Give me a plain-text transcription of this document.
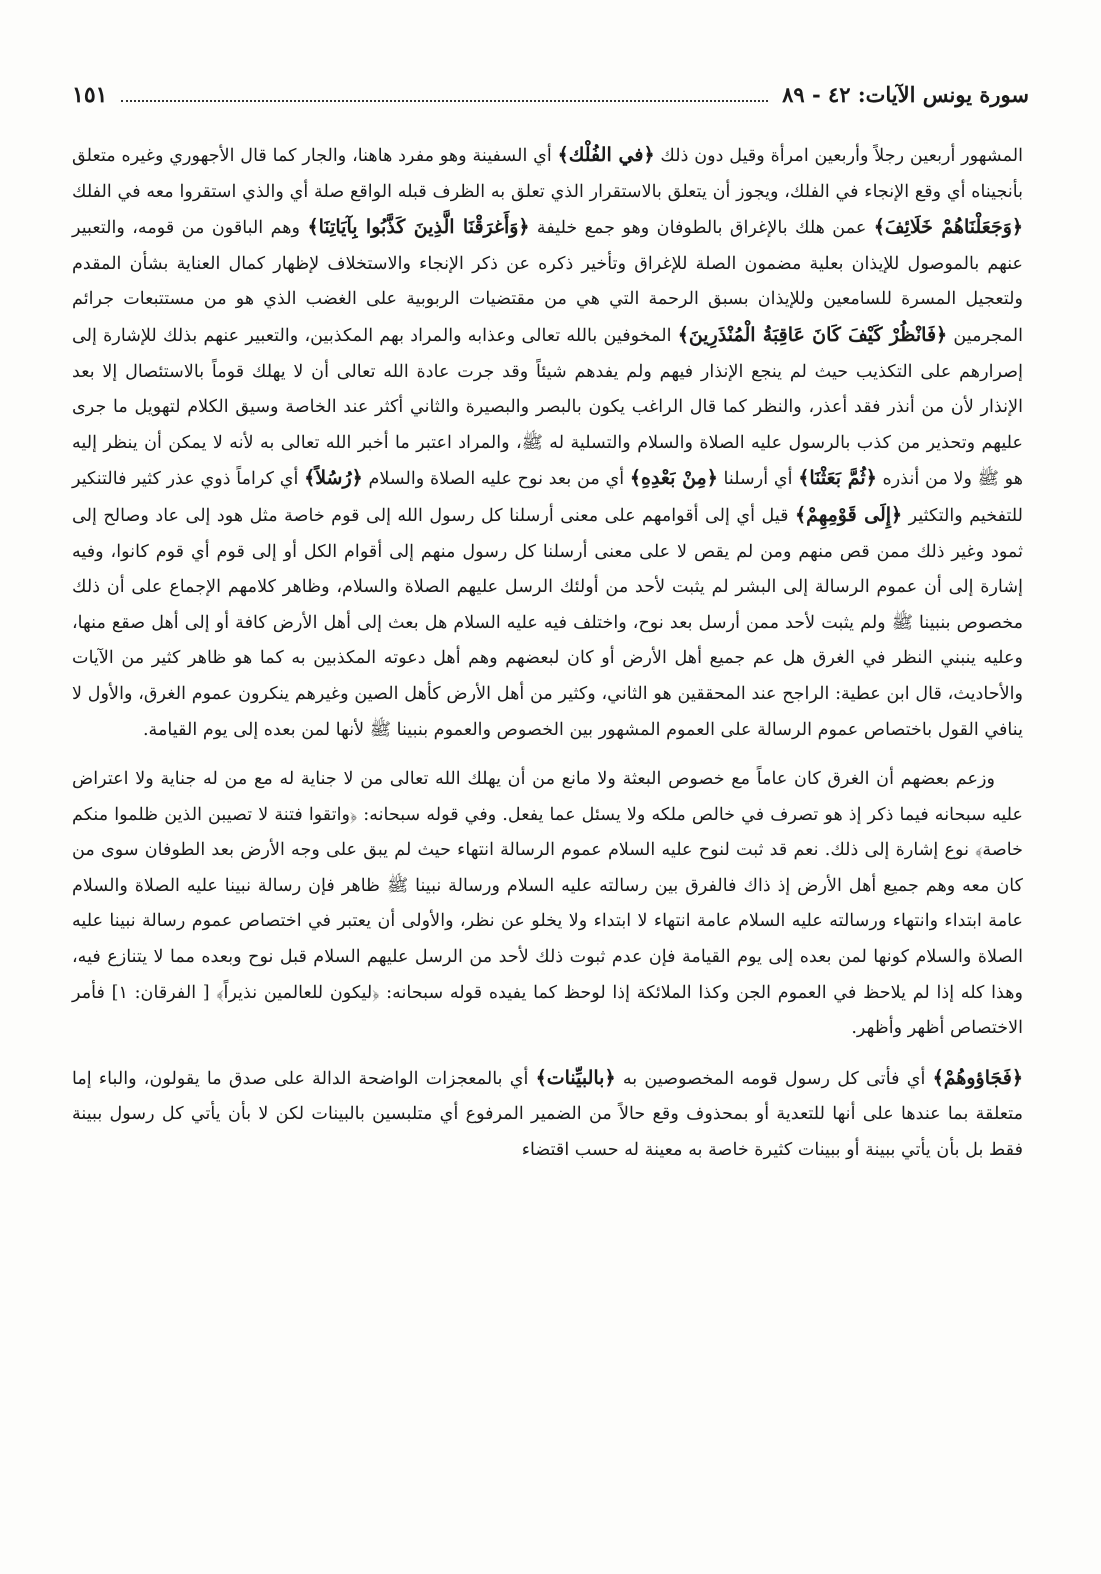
سورة يونس الآيات: ٤٢ - ٨٩
١٥١

المشهور أربعين رجلاً وأربعين امرأة وقيل دون ذلك ﴿في الفُلْك﴾ أي السفينة وهو مفرد هاهنا، والجار كما قال الأجهوري وغيره متعلق بأنجيناه أي وقع الإنجاء في الفلك، ويجوز أن يتعلق بالاستقرار الذي تعلق به الظرف قبله الواقع صلة أي والذي استقروا معه في الفلك ﴿وَجَعَلْنَاهُمْ خَلَائِفَ﴾ عمن هلك بالإغراق بالطوفان وهو جمع خليفة ﴿وَأَغرَقْنَا الَّذِينَ كَذَّبُوا بِآيَاتِنَا﴾ وهم الباقون من قومه، والتعبير عنهم بالموصول للإيذان بعلية مضمون الصلة للإغراق وتأخير ذكره عن ذكر الإنجاء والاستخلاف لإظهار كمال العناية بشأن المقدم ولتعجيل المسرة للسامعين وللإيذان بسبق الرحمة التي هي من مقتضيات الربوبية على الغضب الذي هو من مستتبعات جرائم المجرمين ﴿فَانْظُرْ كَيْفَ كَانَ عَاقِبَةُ الْمُنْذَرِينَ﴾ المخوفين بالله تعالى وعذابه والمراد بهم المكذبين، والتعبير عنهم بذلك للإشارة إلى إصرارهم على التكذيب حيث لم ينجع الإنذار فيهم ولم يفدهم شيئاً وقد جرت عادة الله تعالى أن لا يهلك قوماً بالاستئصال إلا بعد الإنذار لأن من أنذر فقد أعذر، والنظر كما قال الراغب يكون بالبصر والبصيرة والثاني أكثر عند الخاصة وسيق الكلام لتهويل ما جرى عليهم وتحذير من كذب بالرسول عليه الصلاة والسلام والتسلية له ﷺ، والمراد اعتبر ما أخبر الله تعالى به لأنه لا يمكن أن ينظر إليه هو ﷺ ولا من أنذره ﴿ثُمَّ بَعَثْنَا﴾ أي أرسلنا ﴿مِنْ بَعْدِهِ﴾ أي من بعد نوح عليه الصلاة والسلام ﴿رُسُلاً﴾ أي كراماً ذوي عذر كثير فالتنكير للتفخيم والتكثير ﴿إِلَى قَوْمِهِمْ﴾ قيل أي إلى أقوامهم على معنى أرسلنا كل رسول الله إلى قوم خاصة مثل هود إلى عاد وصالح إلى ثمود وغير ذلك ممن قص منهم ومن لم يقص لا على معنى أرسلنا كل رسول منهم إلى أقوام الكل أو إلى قوم أي قوم كانوا، وفيه إشارة إلى أن عموم الرسالة إلى البشر لم يثبت لأحد من أولئك الرسل عليهم الصلاة والسلام، وظاهر كلامهم الإجماع على أن ذلك مخصوص بنبينا ﷺ ولم يثبت لأحد ممن أرسل بعد نوح، واختلف فيه عليه السلام هل بعث إلى أهل الأرض كافة أو إلى أهل صقع منها، وعليه ينبني النظر في الغرق هل عم جميع أهل الأرض أو كان لبعضهم وهم أهل دعوته المكذبين به كما هو ظاهر كثير من الآيات والأحاديث، قال ابن عطية: الراجح عند المحققين هو الثاني، وكثير من أهل الأرض كأهل الصين وغيرهم ينكرون عموم الغرق، والأول لا ينافي القول باختصاص عموم الرسالة على العموم المشهور بين الخصوص والعموم بنبينا ﷺ لأنها لمن بعده إلى يوم القيامة.

وزعم بعضهم أن الغرق كان عاماً مع خصوص البعثة ولا مانع من أن يهلك الله تعالى من لا جناية له مع من له جناية ولا اعتراض عليه سبحانه فيما ذكر إذ هو تصرف في خالص ملكه ولا يسئل عما يفعل. وفي قوله سبحانه: ﴿واتقوا فتنة لا تصيبن الذين ظلموا منكم خاصة﴾ نوع إشارة إلى ذلك. نعم قد ثبت لنوح عليه السلام عموم الرسالة انتهاء حيث لم يبق على وجه الأرض بعد الطوفان سوى من كان معه وهم جميع أهل الأرض إذ ذاك فالفرق بين رسالته عليه السلام ورسالة نبينا ﷺ ظاهر فإن رسالة نبينا عليه الصلاة والسلام عامة ابتداء وانتهاء ورسالته عليه السلام عامة انتهاء لا ابتداء ولا يخلو عن نظر، والأولى أن يعتبر في اختصاص عموم رسالة نبينا عليه الصلاة والسلام كونها لمن بعده إلى يوم القيامة فإن عدم ثبوت ذلك لأحد من الرسل عليهم السلام قبل نوح وبعده مما لا يتنازع فيه، وهذا كله إذا لم يلاحظ في العموم الجن وكذا الملائكة إذا لوحظ كما يفيده قوله سبحانه: ﴿ليكون للعالمين نذيراً﴾ [ الفرقان: ١] فأمر الاختصاص أظهر وأظهر.

﴿فَجَاؤوهُمْ﴾ أي فأتى كل رسول قومه المخصوصين به ﴿بالبيِّنات﴾ أي بالمعجزات الواضحة الدالة على صدق ما يقولون، والباء إما متعلقة بما عندها على أنها للتعدية أو بمحذوف وقع حالاً من الضمير المرفوع أي متلبسين بالبينات لكن لا بأن يأتي كل رسول ببينة فقط بل بأن يأتي ببينة أو ببينات كثيرة خاصة به معينة له حسب اقتضاء
